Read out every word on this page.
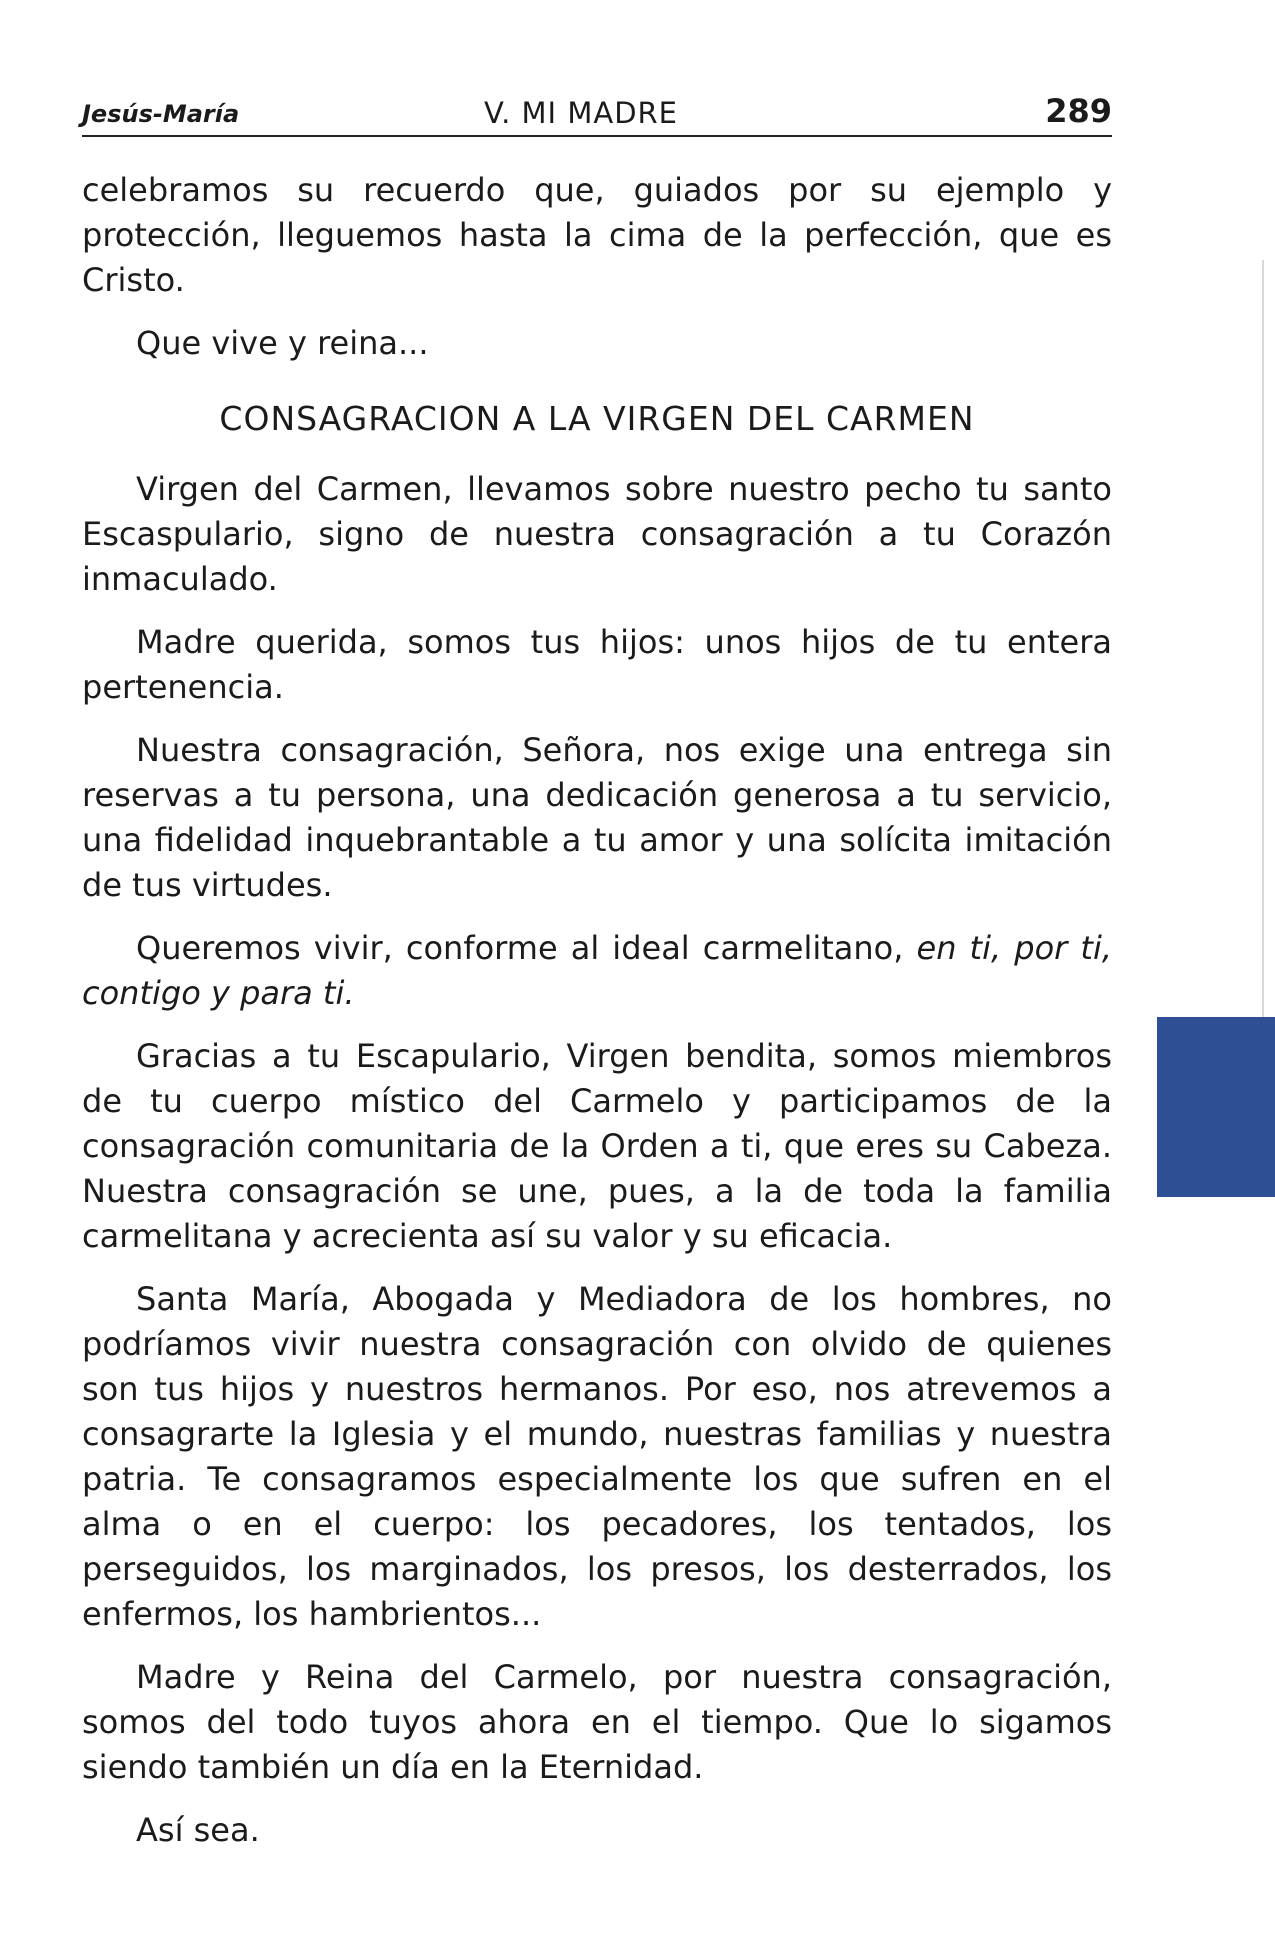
Jesús-María	V. MI MADRE	289

celebramos su recuerdo que, guiados por su ejemplo y protección, lleguemos hasta la cima de la perfección, que es Cristo.

Que vive y reina...

CONSAGRACION A LA VIRGEN DEL CARMEN

Virgen del Carmen, llevamos sobre nuestro pecho tu santo Escaspulario, signo de nuestra consagración a tu Corazón inmaculado.

Madre querida, somos tus hijos: unos hijos de tu entera pertenencia.

Nuestra consagración, Señora, nos exige una entrega sin reservas a tu persona, una dedicación generosa a tu servicio, una fidelidad inquebrantable a tu amor y una solícita imitación de tus virtudes.

Queremos vivir, conforme al ideal carmelitano, en ti, por ti, contigo y para ti.

Gracias a tu Escapulario, Virgen bendita, somos miembros de tu cuerpo místico del Carmelo y participamos de la consagración comunitaria de la Orden a ti, que eres su Cabeza. Nuestra consagración se une, pues, a la de toda la familia carmelitana y acrecienta así su valor y su eficacia.

Santa María, Abogada y Mediadora de los hombres, no podríamos vivir nuestra consagración con olvido de quienes son tus hijos y nuestros hermanos. Por eso, nos atrevemos a consagrarte la Iglesia y el mundo, nuestras familias y nuestra patria. Te consagramos especialmente los que sufren en el alma o en el cuerpo: los pecadores, los tentados, los perseguidos, los marginados, los presos, los desterrados, los enfermos, los hambrientos...

Madre y Reina del Carmelo, por nuestra consagración, somos del todo tuyos ahora en el tiempo. Que lo sigamos siendo también un día en la Eternidad.

Así sea.
